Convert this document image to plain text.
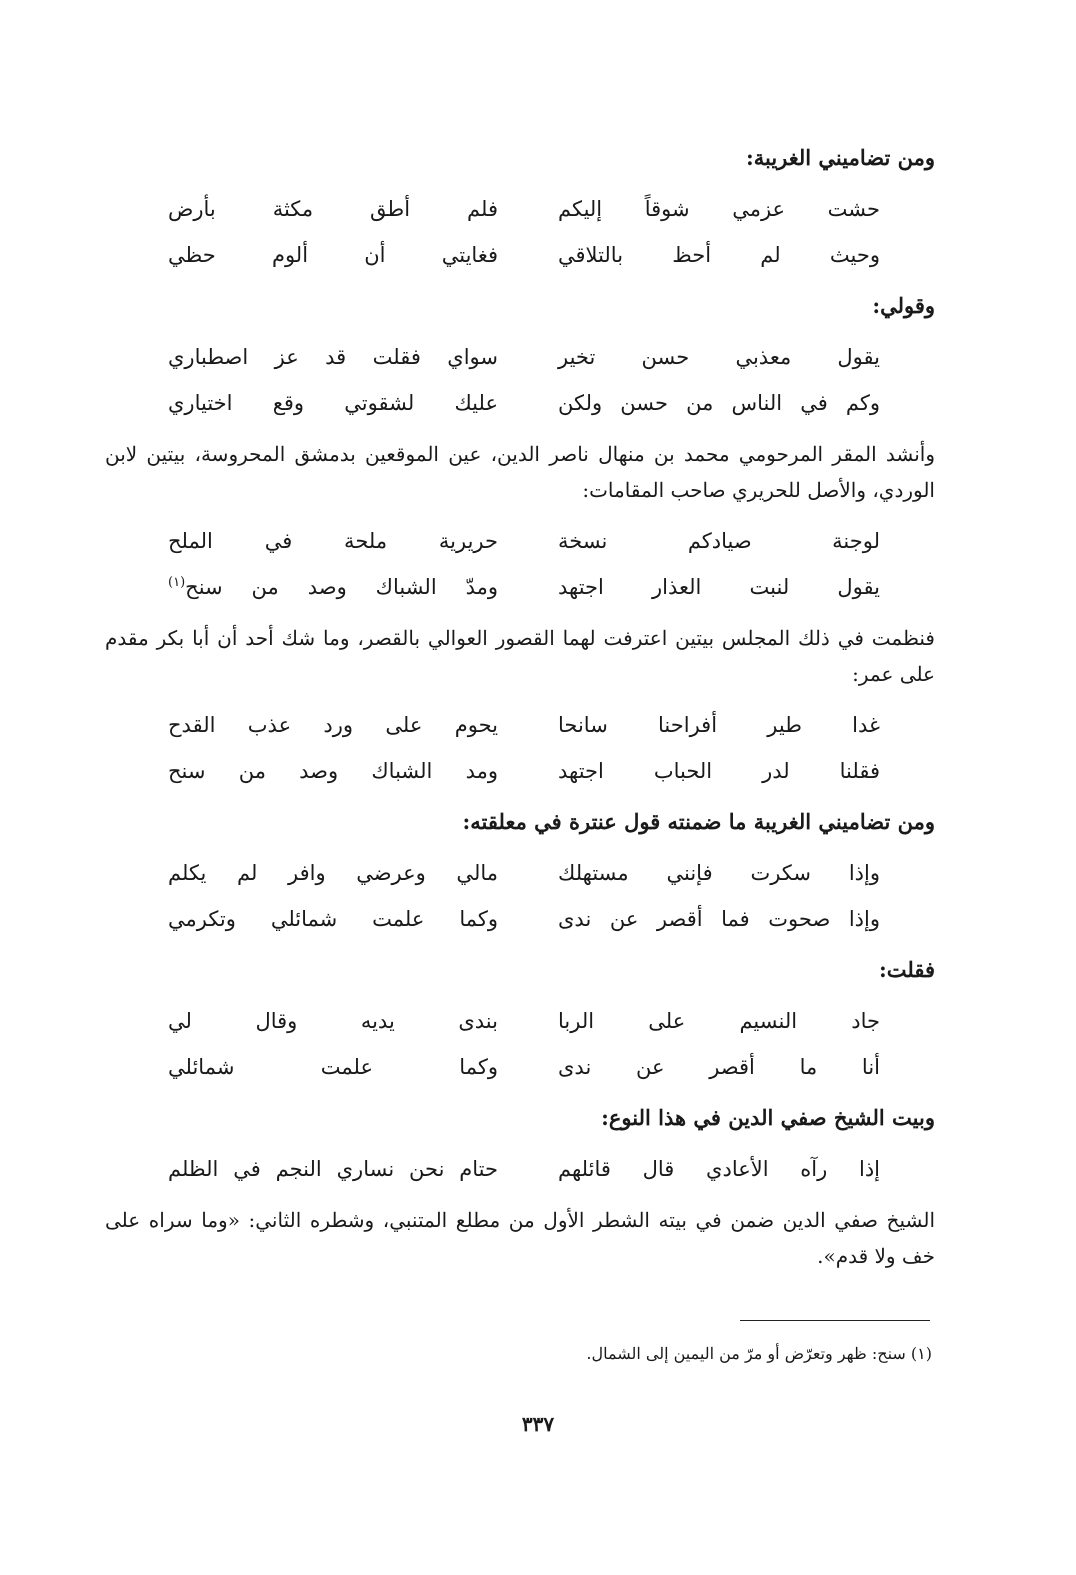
ومن تضاميني الغريبة:
حشت عزمي شوقاً إليكم
فلم أطق مكثة بأرض
وحيث لم أحظ بالتلاقي
فغايتي أن ألوم حظي
وقولي:
يقول معذبي حسن تخير
سواي فقلت قد عز اصطباري
وكم في الناس من حسن ولكن
عليك لشقوتي وقع اختياري

وأنشد المقر المرحومي محمد بن منهال ناصر الدين، عين الموقعين بدمشق المحروسة، بيتين لابن الوردي، والأصل للحريري صاحب المقامات:

لوجنة صيادكم نسخة
حريرية ملحة في الملح
يقول لنبت العذار اجتهد
ومدّ الشباك وصد من سنح$^{(١)}$

فنظمت في ذلك المجلس بيتين اعترفت لهما القصور العوالي بالقصر، وما شك أحد أن أبا بكر مقدم على عمر:

غدا طير أفراحنا سانحا
يحوم على ورد عذب القدح
فقلنا لدر الحباب اجتهد
ومد الشباك وصد من سنح
ومن تضاميني الغريبة ما ضمنته قول عنترة في معلقته:
وإذا سكرت فإنني مستهلك
مالي وعرضي وافر لم يكلم
وإذا صحوت فما أقصر عن ندى
وكما علمت شمائلي وتكرمي
فقلت:
جاد النسيم على الربا
بندى يديه وقال لي
أنا ما أقصر عن ندى
وكما علمت شمائلي
وبيت الشيخ صفي الدين في هذا النوع:
إذا رآه الأعادي قال قائلهم
حتام نحن نساري النجم في الظلم

الشيخ صفي الدين ضمن في بيته الشطر الأول من مطلع المتنبي، وشطره الثاني: «وما سراه على خف ولا قدم».

(١) سنح: ظهر وتعرّض أو مرّ من اليمين إلى الشمال.
٣٣٧
